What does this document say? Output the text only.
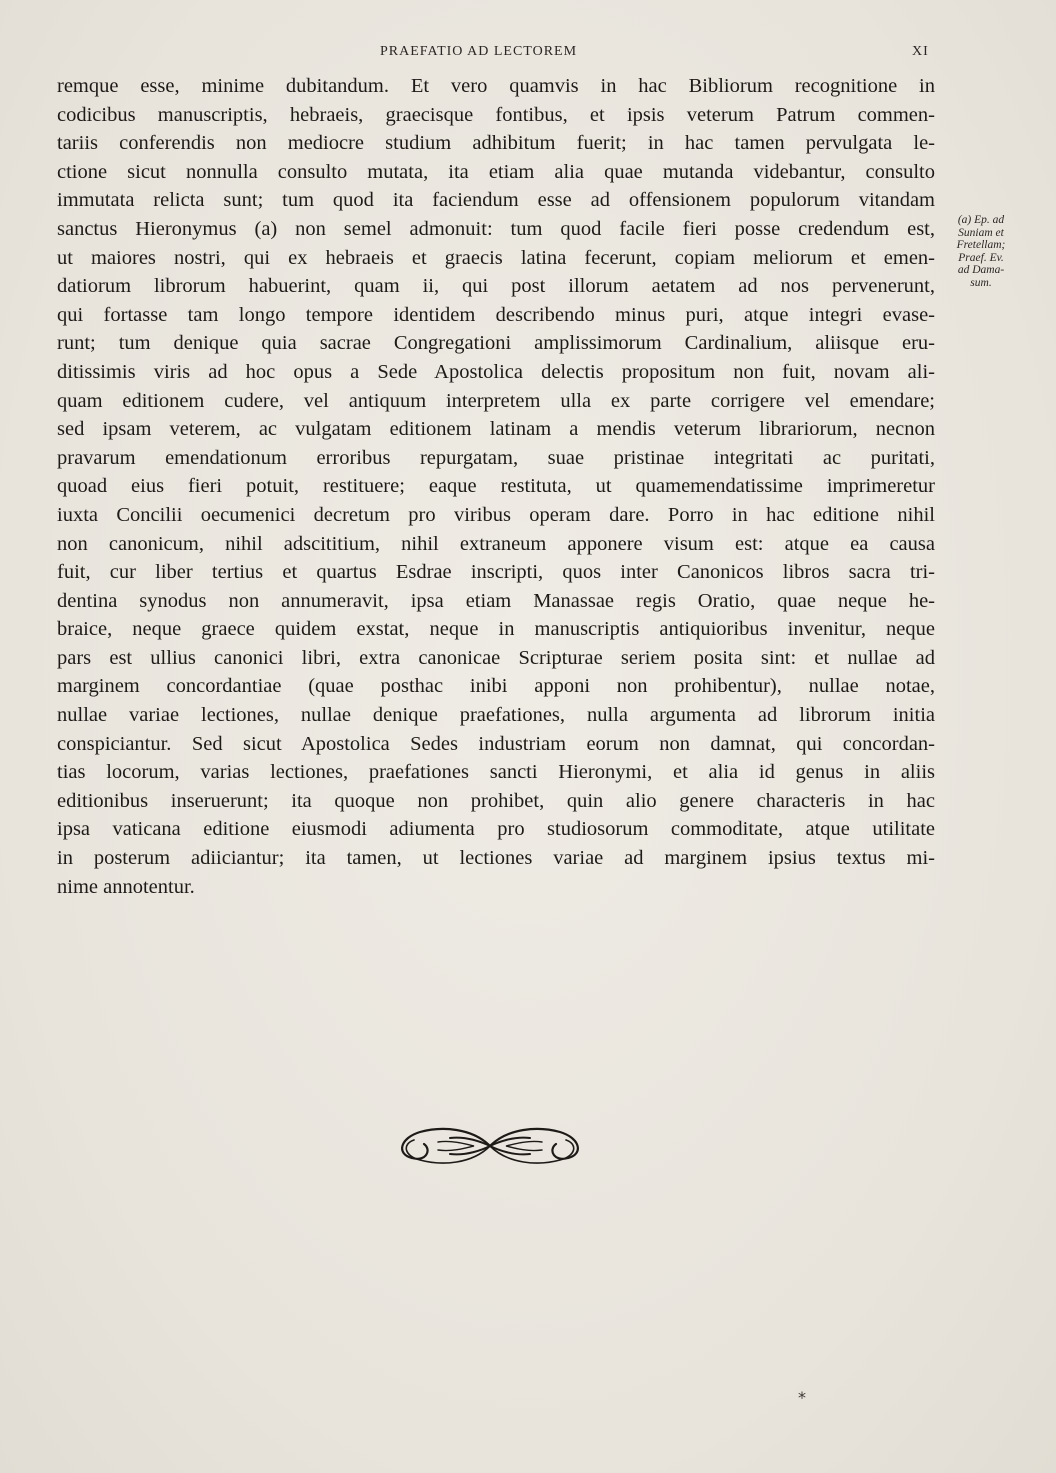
PRAEFATIO AD LECTOREM	XI
remque esse, minime dubitandum. Et vero quamvis in hac Bibliorum recognitione in
codicibus manuscriptis, hebraeis, graecisque fontibus, et ipsis veterum Patrum commen-
tariis conferendis non mediocre studium adhibitum fuerit; in hac tamen pervulgata le-
ctione sicut nonnulla consulto mutata, ita etiam alia quae mutanda videbantur, consulto
immutata relicta sunt; tum quod ita faciendum esse ad offensionem populorum vitandam
sanctus Hieronymus (a) non semel admonuit: tum quod facile fieri posse credendum est,
ut maiores nostri, qui ex hebraeis et graecis latina fecerunt, copiam meliorum et emen-
datiorum librorum habuerint, quam ii, qui post illorum aetatem ad nos pervenerunt,
qui fortasse tam longo tempore identidem describendo minus puri, atque integri evase-
runt; tum denique quia sacrae Congregationi amplissimorum Cardinalium, aliisque eru-
ditissimis viris ad hoc opus a Sede Apostolica delectis propositum non fuit, novam ali-
quam editionem cudere, vel antiquum interpretem ulla ex parte corrigere vel emendare;
sed ipsam veterem, ac vulgatam editionem latinam a mendis veterum librariorum, necnon
pravarum emendationum erroribus repurgatam, suae pristinae integritati ac puritati,
quoad eius fieri potuit, restituere; eaque restituta, ut quamemendatissime imprimeretur
iuxta Concilii oecumenici decretum pro viribus operam dare. Porro in hac editione nihil
non canonicum, nihil adscititium, nihil extraneum apponere visum est: atque ea causa
fuit, cur liber tertius et quartus Esdrae inscripti, quos inter Canonicos libros sacra tri-
dentina synodus non annumeravit, ipsa etiam Manassae regis Oratio, quae neque he-
braice, neque graece quidem exstat, neque in manuscriptis antiquioribus invenitur, neque
pars est ullius canonici libri, extra canonicae Scripturae seriem posita sint: et nullae ad
marginem concordantiae (quae posthac inibi apponi non prohibentur), nullae notae,
nullae variae lectiones, nullae denique praefationes, nulla argumenta ad librorum initia
conspiciantur. Sed sicut Apostolica Sedes industriam eorum non damnat, qui concordan-
tias locorum, varias lectiones, praefationes sancti Hieronymi, et alia id genus in aliis
editionibus inseruerunt; ita quoque non prohibet, quin alio genere characteris in hac
ipsa vaticana editione eiusmodi adiumenta pro studiosorum commoditate, atque utilitate
in posterum adiiciantur; ita tamen, ut lectiones variae ad marginem ipsius textus mi-
nime annotentur.
(a) Ep. ad
Suniam et
Fretellam;
Praef. Ev.
ad Dama-
sum.
*
